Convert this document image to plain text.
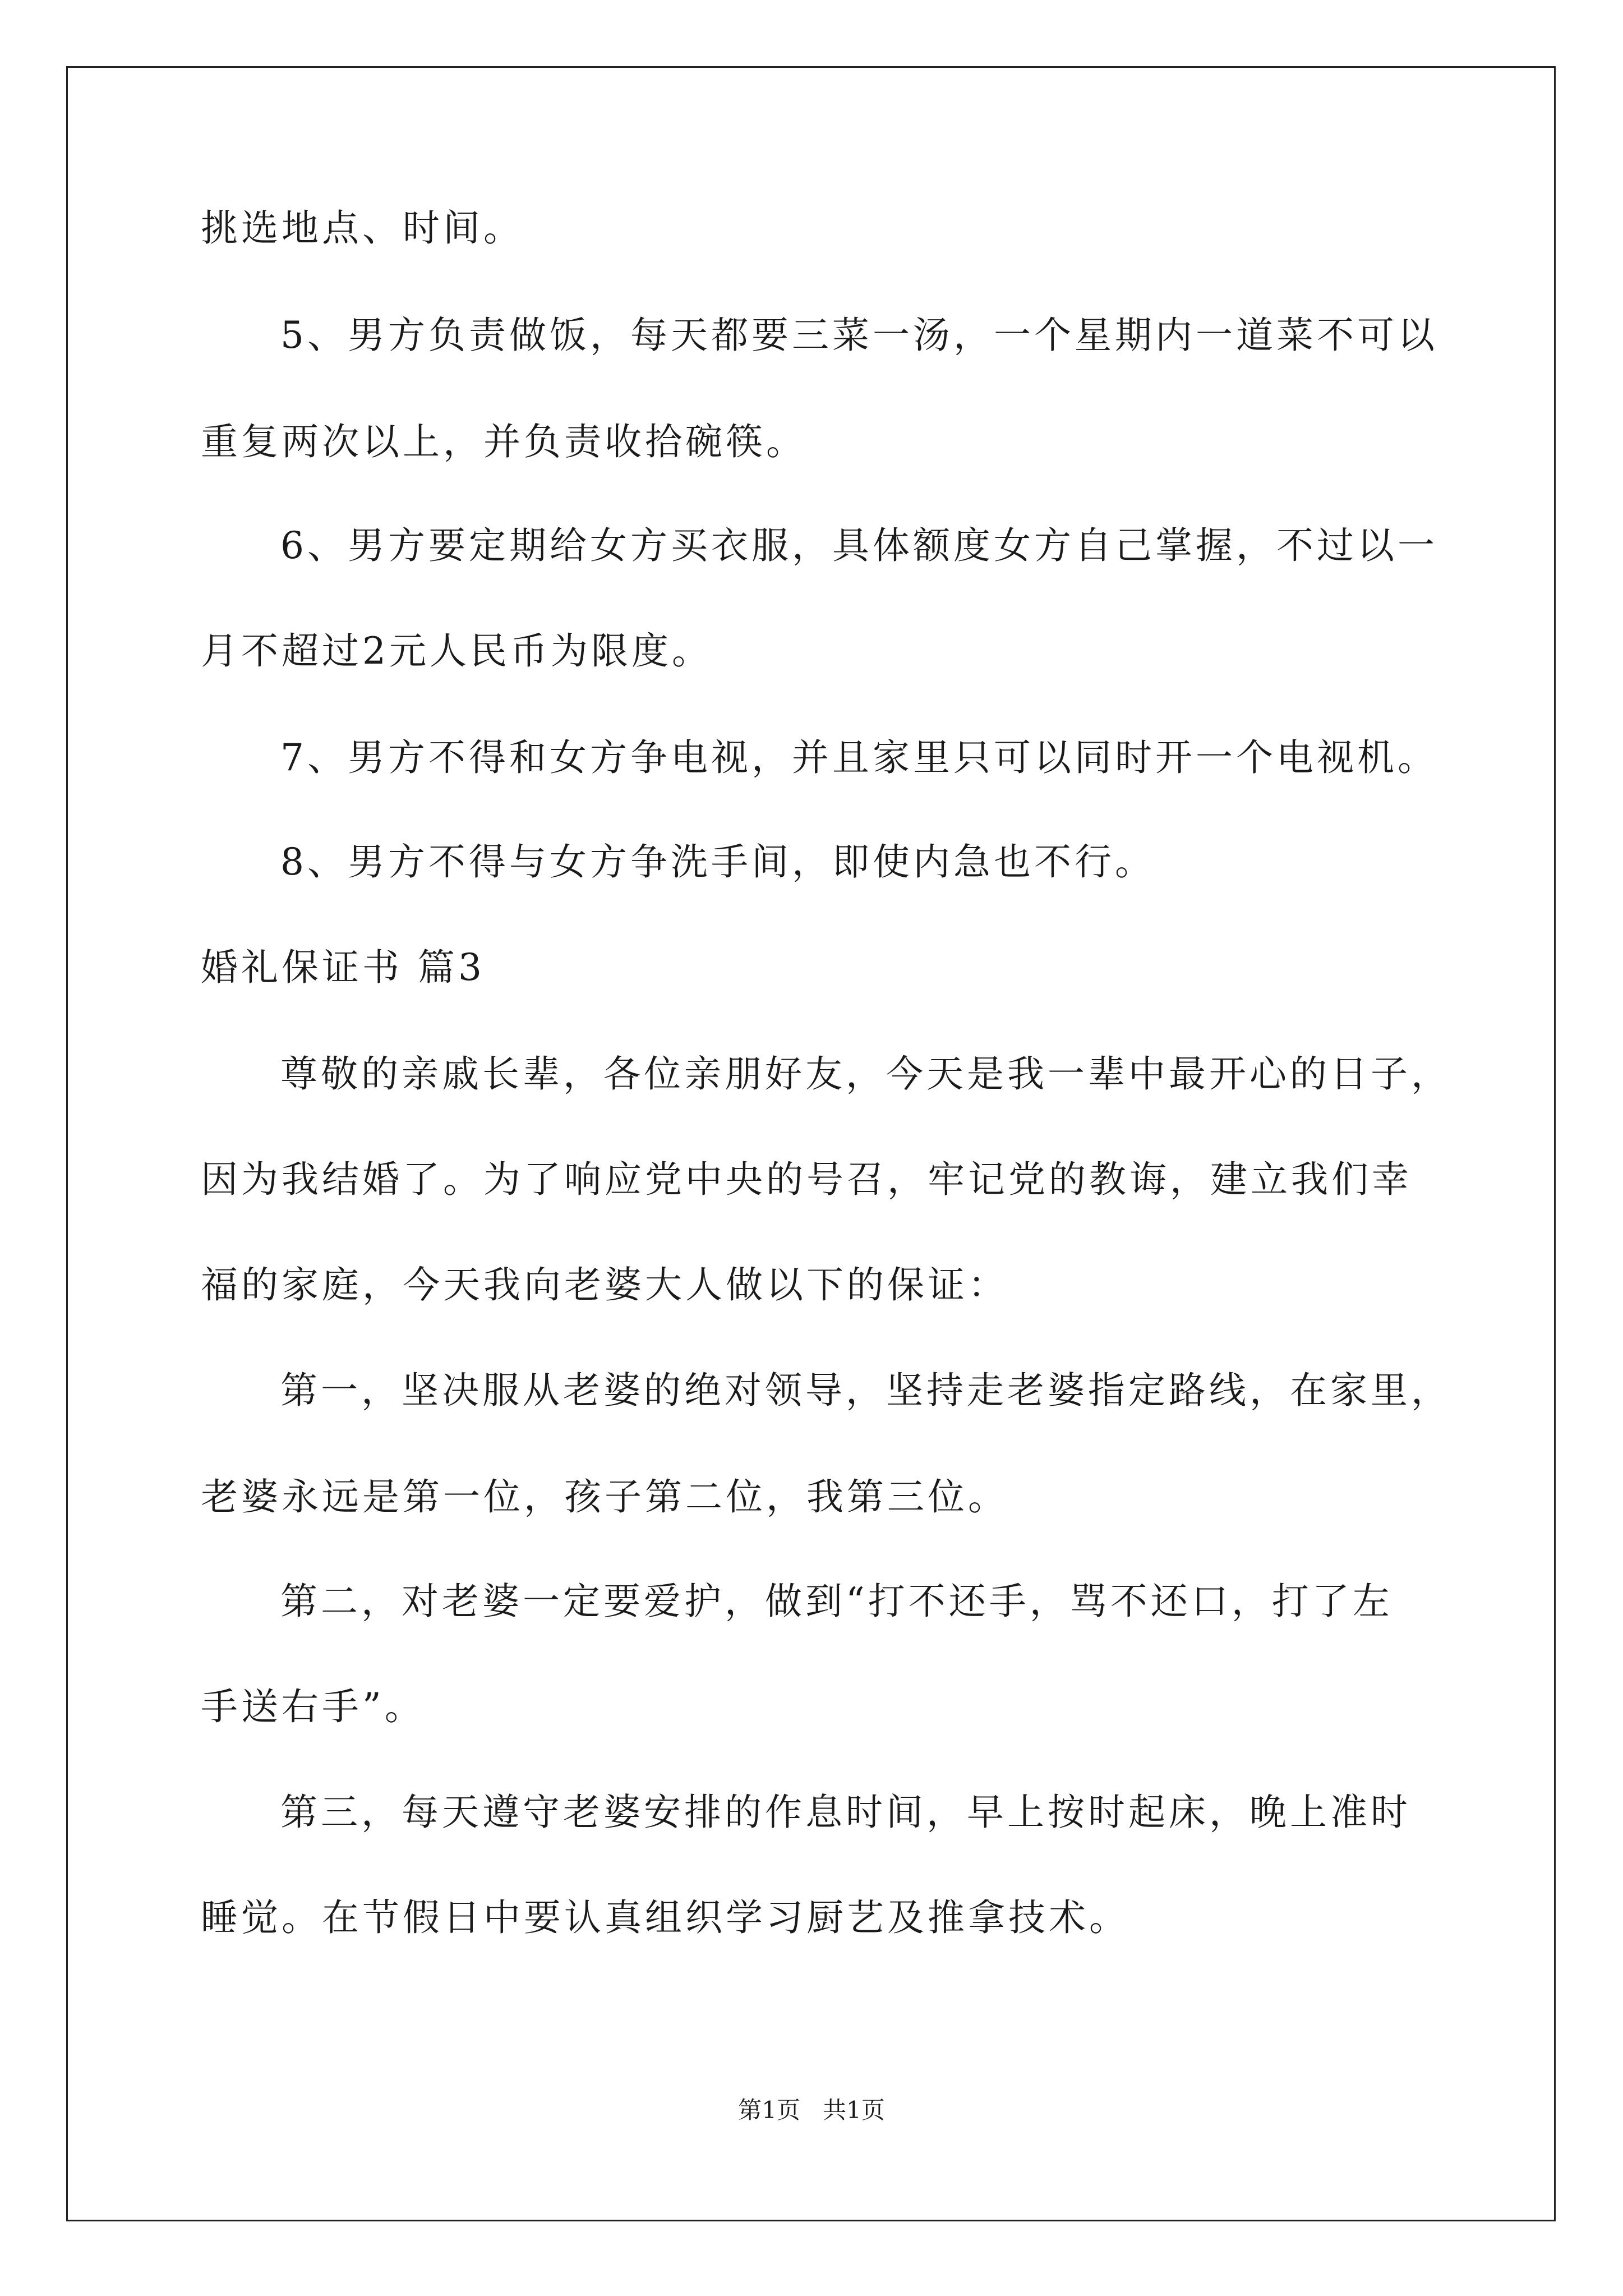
挑选地点、时间。
5、男方负责做饭，每天都要三菜一汤，一个星期内一道菜不可以
重复两次以上，并负责收拾碗筷。
6、男方要定期给女方买衣服，具体额度女方自己掌握，不过以一
月不超过2元人民币为限度。
7、男方不得和女方争电视，并且家里只可以同时开一个电视机。
8、男方不得与女方争洗手间，即使内急也不行。
婚礼保证书 篇3
尊敬的亲戚长辈，各位亲朋好友，今天是我一辈中最开心的日子，
因为我结婚了。为了响应党中央的号召，牢记党的教诲，建立我们幸
福的家庭，今天我向老婆大人做以下的保证：
第一，坚决服从老婆的绝对领导，坚持走老婆指定路线，在家里，
老婆永远是第一位，孩子第二位，我第三位。
第二，对老婆一定要爱护，做到“打不还手，骂不还口，打了左
手送右手”。
第三，每天遵守老婆安排的作息时间，早上按时起床，晚上准时
睡觉。在节假日中要认真组织学习厨艺及推拿技术。
第1页   共1页
